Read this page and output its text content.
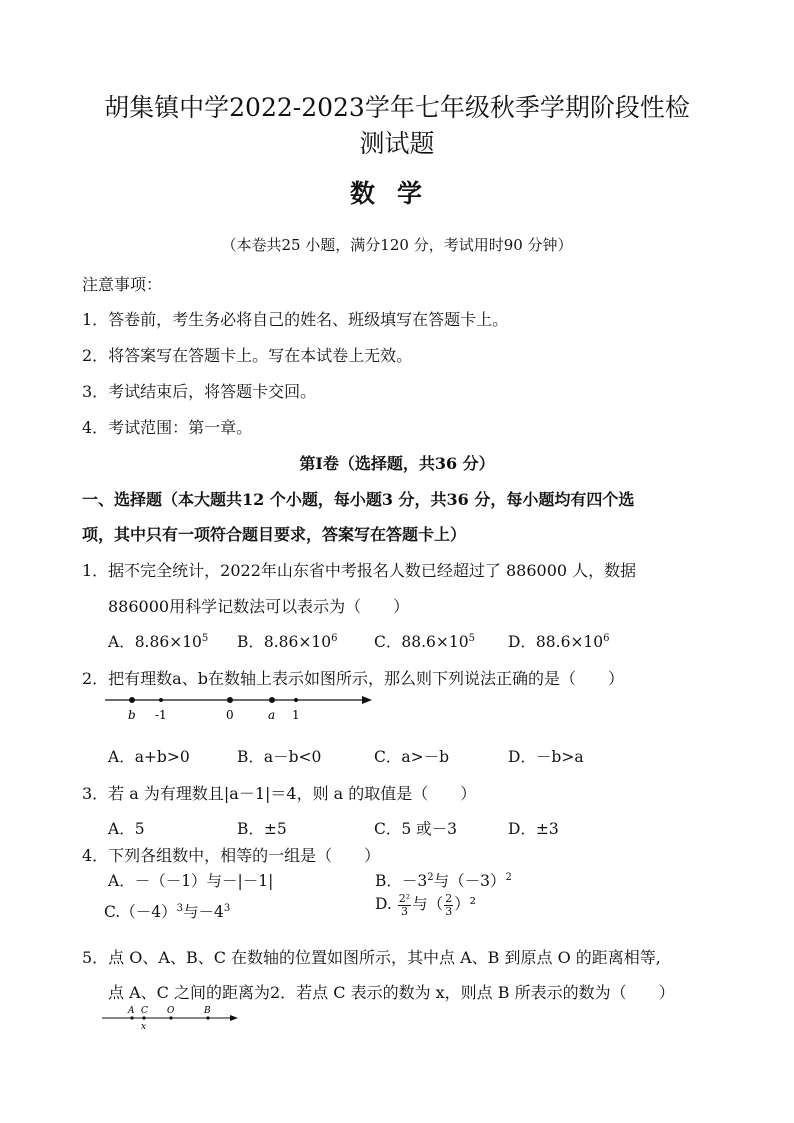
胡集镇中学2022-2023学年七年级秋季学期阶段性检
测试题
数学
（本卷共25 小题，满分120 分，考试用时90 分钟）
注意事项：
1．答卷前，考生务必将自己的姓名、班级填写在答题卡上。
2．将答案写在答题卡上。写在本试卷上无效。
3．考试结束后，将答题卡交回。
4．考试范围：第一章。
第Ⅰ卷（选择题，共36 分）
一、选择题（本大题共12 个小题，每小题3 分，共36 分，每小题均有四个选
项，其中只有一项符合题目要求，答案写在答题卡上）
1．据不完全统计，2022年山东省中考报名人数已经超过了 886000 人，数据
886000用科学记数法可以表示为（　　）
A．$8.86\times 10^5$ B．$8.86\times 10^6$ C．$88.6\times 10^5$ D．$88.6\times 10^6$
2．把有理数a、b在数轴上表示如图所示，那么则下列说法正确的是（　　）
b -1	0	a 1
A．a+b>0	B．a－b<0	C．a>－b	D．－b>a
3．若 a 为有理数且|a－1|＝4，则 a 的取值是（　　）
A．5	B．±5	C．5 或－3	D．±3
4．下列各组数中，相等的一组是（　　）
A．－（－1）与－|－1|	B．$-3^2$与$(-3)^2$
$C.(-4)^3$与$-4^3$	D. $\frac{\text{2²}}{3}$ 与（ $\frac{2}{3} )^2$
5．点 O、A、B、C 在数轴的位置如图所示，其中点 A、B 到原点 O 的距离相等,
点 A、C 之间的距离为2．若点 C 表示的数为 x，则点 B 所表示的数为（　　）
A C O	B
x
